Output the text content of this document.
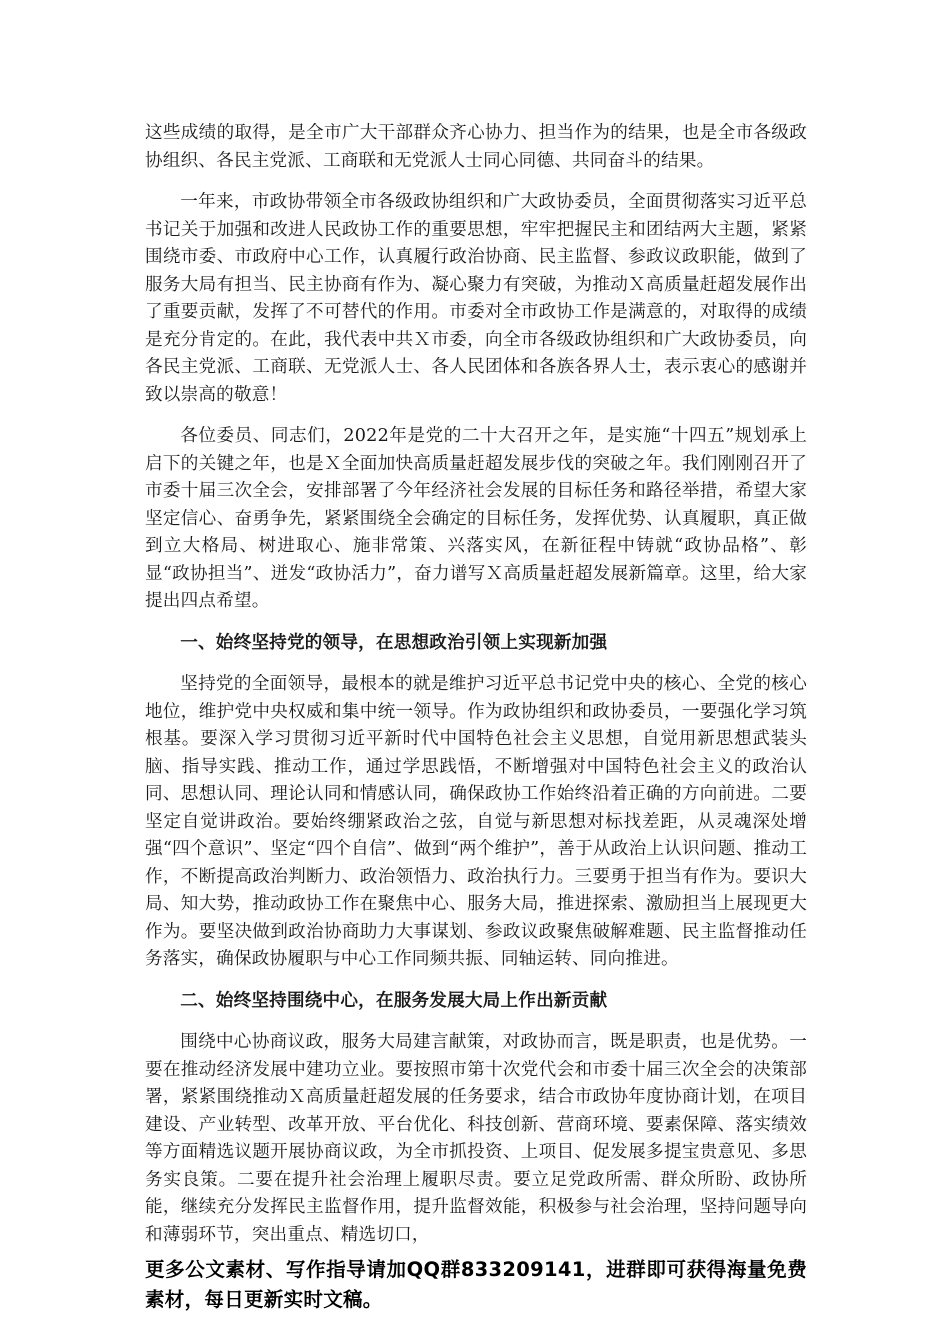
这些成绩的取得，是全市广大干部群众齐心协力、担当作为的结果，也是全市各级政协组织、各民主党派、工商联和无党派人士同心同德、共同奋斗的结果。

一年来，市政协带领全市各级政协组织和广大政协委员，全面贯彻落实习近平总书记关于加强和改进人民政协工作的重要思想，牢牢把握民主和团结两大主题，紧紧围绕市委、市政府中心工作，认真履行政治协商、民主监督、参政议政职能，做到了服务大局有担当、民主协商有作为、凝心聚力有突破，为推动Ｘ高质量赶超发展作出了重要贡献，发挥了不可替代的作用。市委对全市政协工作是满意的，对取得的成绩是充分肯定的。在此，我代表中共Ｘ市委，向全市各级政协组织和广大政协委员，向各民主党派、工商联、无党派人士、各人民团体和各族各界人士，表示衷心的感谢并致以崇高的敬意！

各位委员、同志们，2022年是党的二十大召开之年，是实施“十四五”规划承上启下的关键之年，也是Ｘ全面加快高质量赶超发展步伐的突破之年。我们刚刚召开了市委十届三次全会，安排部署了今年经济社会发展的目标任务和路径举措，希望大家坚定信心、奋勇争先，紧紧围绕全会确定的目标任务，发挥优势、认真履职，真正做到立大格局、树进取心、施非常策、兴落实风，在新征程中铸就“政协品格”、彰显“政协担当”、迸发“政协活力”，奋力谱写Ｘ高质量赶超发展新篇章。这里，给大家提出四点希望。

一、始终坚持党的领导，在思想政治引领上实现新加强

坚持党的全面领导，最根本的就是维护习近平总书记党中央的核心、全党的核心地位，维护党中央权威和集中统一领导。作为政协组织和政协委员，一要强化学习筑根基。要深入学习贯彻习近平新时代中国特色社会主义思想，自觉用新思想武装头脑、指导实践、推动工作，通过学思践悟，不断增强对中国特色社会主义的政治认同、思想认同、理论认同和情感认同，确保政协工作始终沿着正确的方向前进。二要坚定自觉讲政治。要始终绷紧政治之弦，自觉与新思想对标找差距，从灵魂深处增强“四个意识”、坚定“四个自信”、做到“两个维护”，善于从政治上认识问题、推动工作，不断提高政治判断力、政治领悟力、政治执行力。三要勇于担当有作为。要识大局、知大势，推动政协工作在聚焦中心、服务大局，推进探索、激励担当上展现更大作为。要坚决做到政治协商助力大事谋划、参政议政聚焦破解难题、民主监督推动任务落实，确保政协履职与中心工作同频共振、同轴运转、同向推进。

二、始终坚持围绕中心，在服务发展大局上作出新贡献

围绕中心协商议政，服务大局建言献策，对政协而言，既是职责，也是优势。一要在推动经济发展中建功立业。要按照市第十次党代会和市委十届三次全会的决策部署，紧紧围绕推动Ｘ高质量赶超发展的任务要求，结合市政协年度协商计划，在项目建设、产业转型、改革开放、平台优化、科技创新、营商环境、要素保障、落实绩效等方面精选议题开展协商议政，为全市抓投资、上项目、促发展多提宝贵意见、多思务实良策。二要在提升社会治理上履职尽责。要立足党政所需、群众所盼、政协所能，继续充分发挥民主监督作用，提升监督效能，积极参与社会治理，坚持问题导向和薄弱环节，突出重点、精选切口，

更多公文素材、写作指导请加QQ群833209141，进群即可获得海量免费素材，每日更新实时文稿。
